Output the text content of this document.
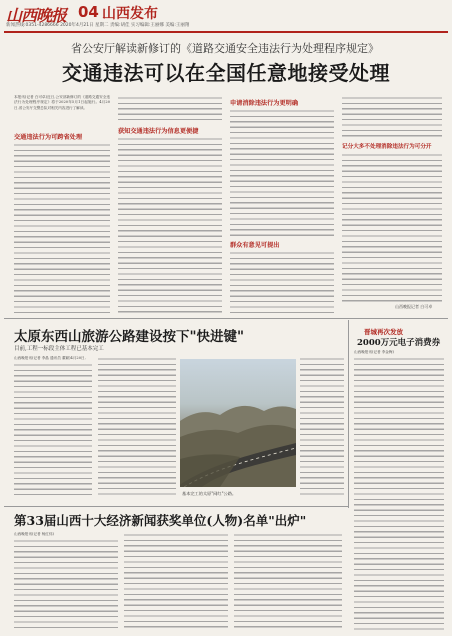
山西晚报 04 山西发布
新闻热线:0351-4286666 2020年4月21日 星期二 责编:胡佳 实习编辑:王丽娜 美编:王丽翔
省公安厅解读新修订的《道路交通安全违法行为处理程序规定》
交通违法可以在全国任意地接受处理
本报讯(记者 白可卓)近日,公安部新修订的《道路交通安全违法行为处理程序规定》将于2020年5月1日起施行。4月20日,省公安厅交警总队对相关内容进行了解读。
交通违法行为可跨省处理
获知交通违法行为信息更便捷
申请消除违法行为更明确
群众有意见可提出
记分大多不处理消除违法行为可分开
山西晚报记者 白可卓
太原东西山旅游公路建设按下"快进键"
目前,工程一标段主体工程已基本完工
山西晚报讯(记者 李晶 通讯员 董颖)4月20日,
基本完工的太原"网红"公路。
晋城再次发放
2000万元电子消费券
山西晚报讯(记者 李金梅)
第33届山西十大经济新闻获奖单位(人物)名单"出炉"
山西晚报讯(记者 杨红伟)
